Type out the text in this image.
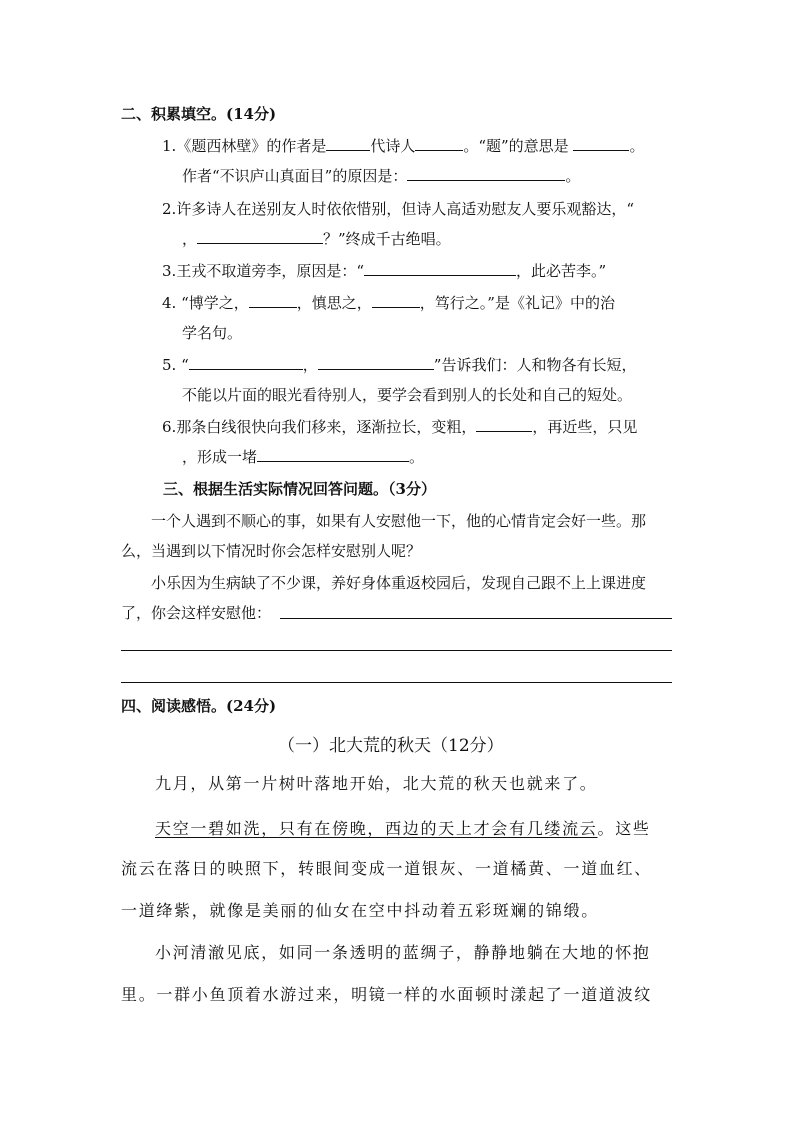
二、积累填空。(14分)
1.《题西林壁》的作者是	代诗人	。“题”的意思是	。
作者“不识庐山真面目”的原因是：	。
2.许多诗人在送别友人时依依惜别，但诗人高适劝慰友人要乐观豁达，“
，	？”终成千古绝唱。
3.王戎不取道旁李，原因是：“	，此必苦李。”
4. “博学之，	，慎思之，	，笃行之。”是《礼记》中的治
学名句。
5. “	，	”告诉我们：人和物各有长短，
不能以片面的眼光看待别人，要学会看到别人的长处和自己的短处。
6.那条白线很快向我们移来，逐渐拉长，变粗，	，再近些，只见
，形成一堵	。
三、根据生活实际情况回答问题。（3分）
一个人遇到不顺心的事，如果有人安慰他一下，他的心情肯定会好一些。那
么，当遇到以下情况时你会怎样安慰别人呢？
小乐因为生病缺了不少课，养好身体重返校园后，发现自己跟不上上课进度
了，你会这样安慰他：
四、阅读感悟。(24分)
（一）北大荒的秋天（12分）
九月，从第一片树叶落地开始，北大荒的秋天也就来了。
天空一碧如洗，只有在傍晚，西边的天上才会有几缕流云。这些
流云在落日的映照下，转眼间变成一道银灰、一道橘黄、一道血红、
一道绛紫，就像是美丽的仙女在空中抖动着五彩斑斓的锦缎。
小河清澈见底，如同一条透明的蓝绸子，静静地躺在大地的怀抱
里。一群小鱼顶着水游过来，明镜一样的水面顿时漾起了一道道波纹
